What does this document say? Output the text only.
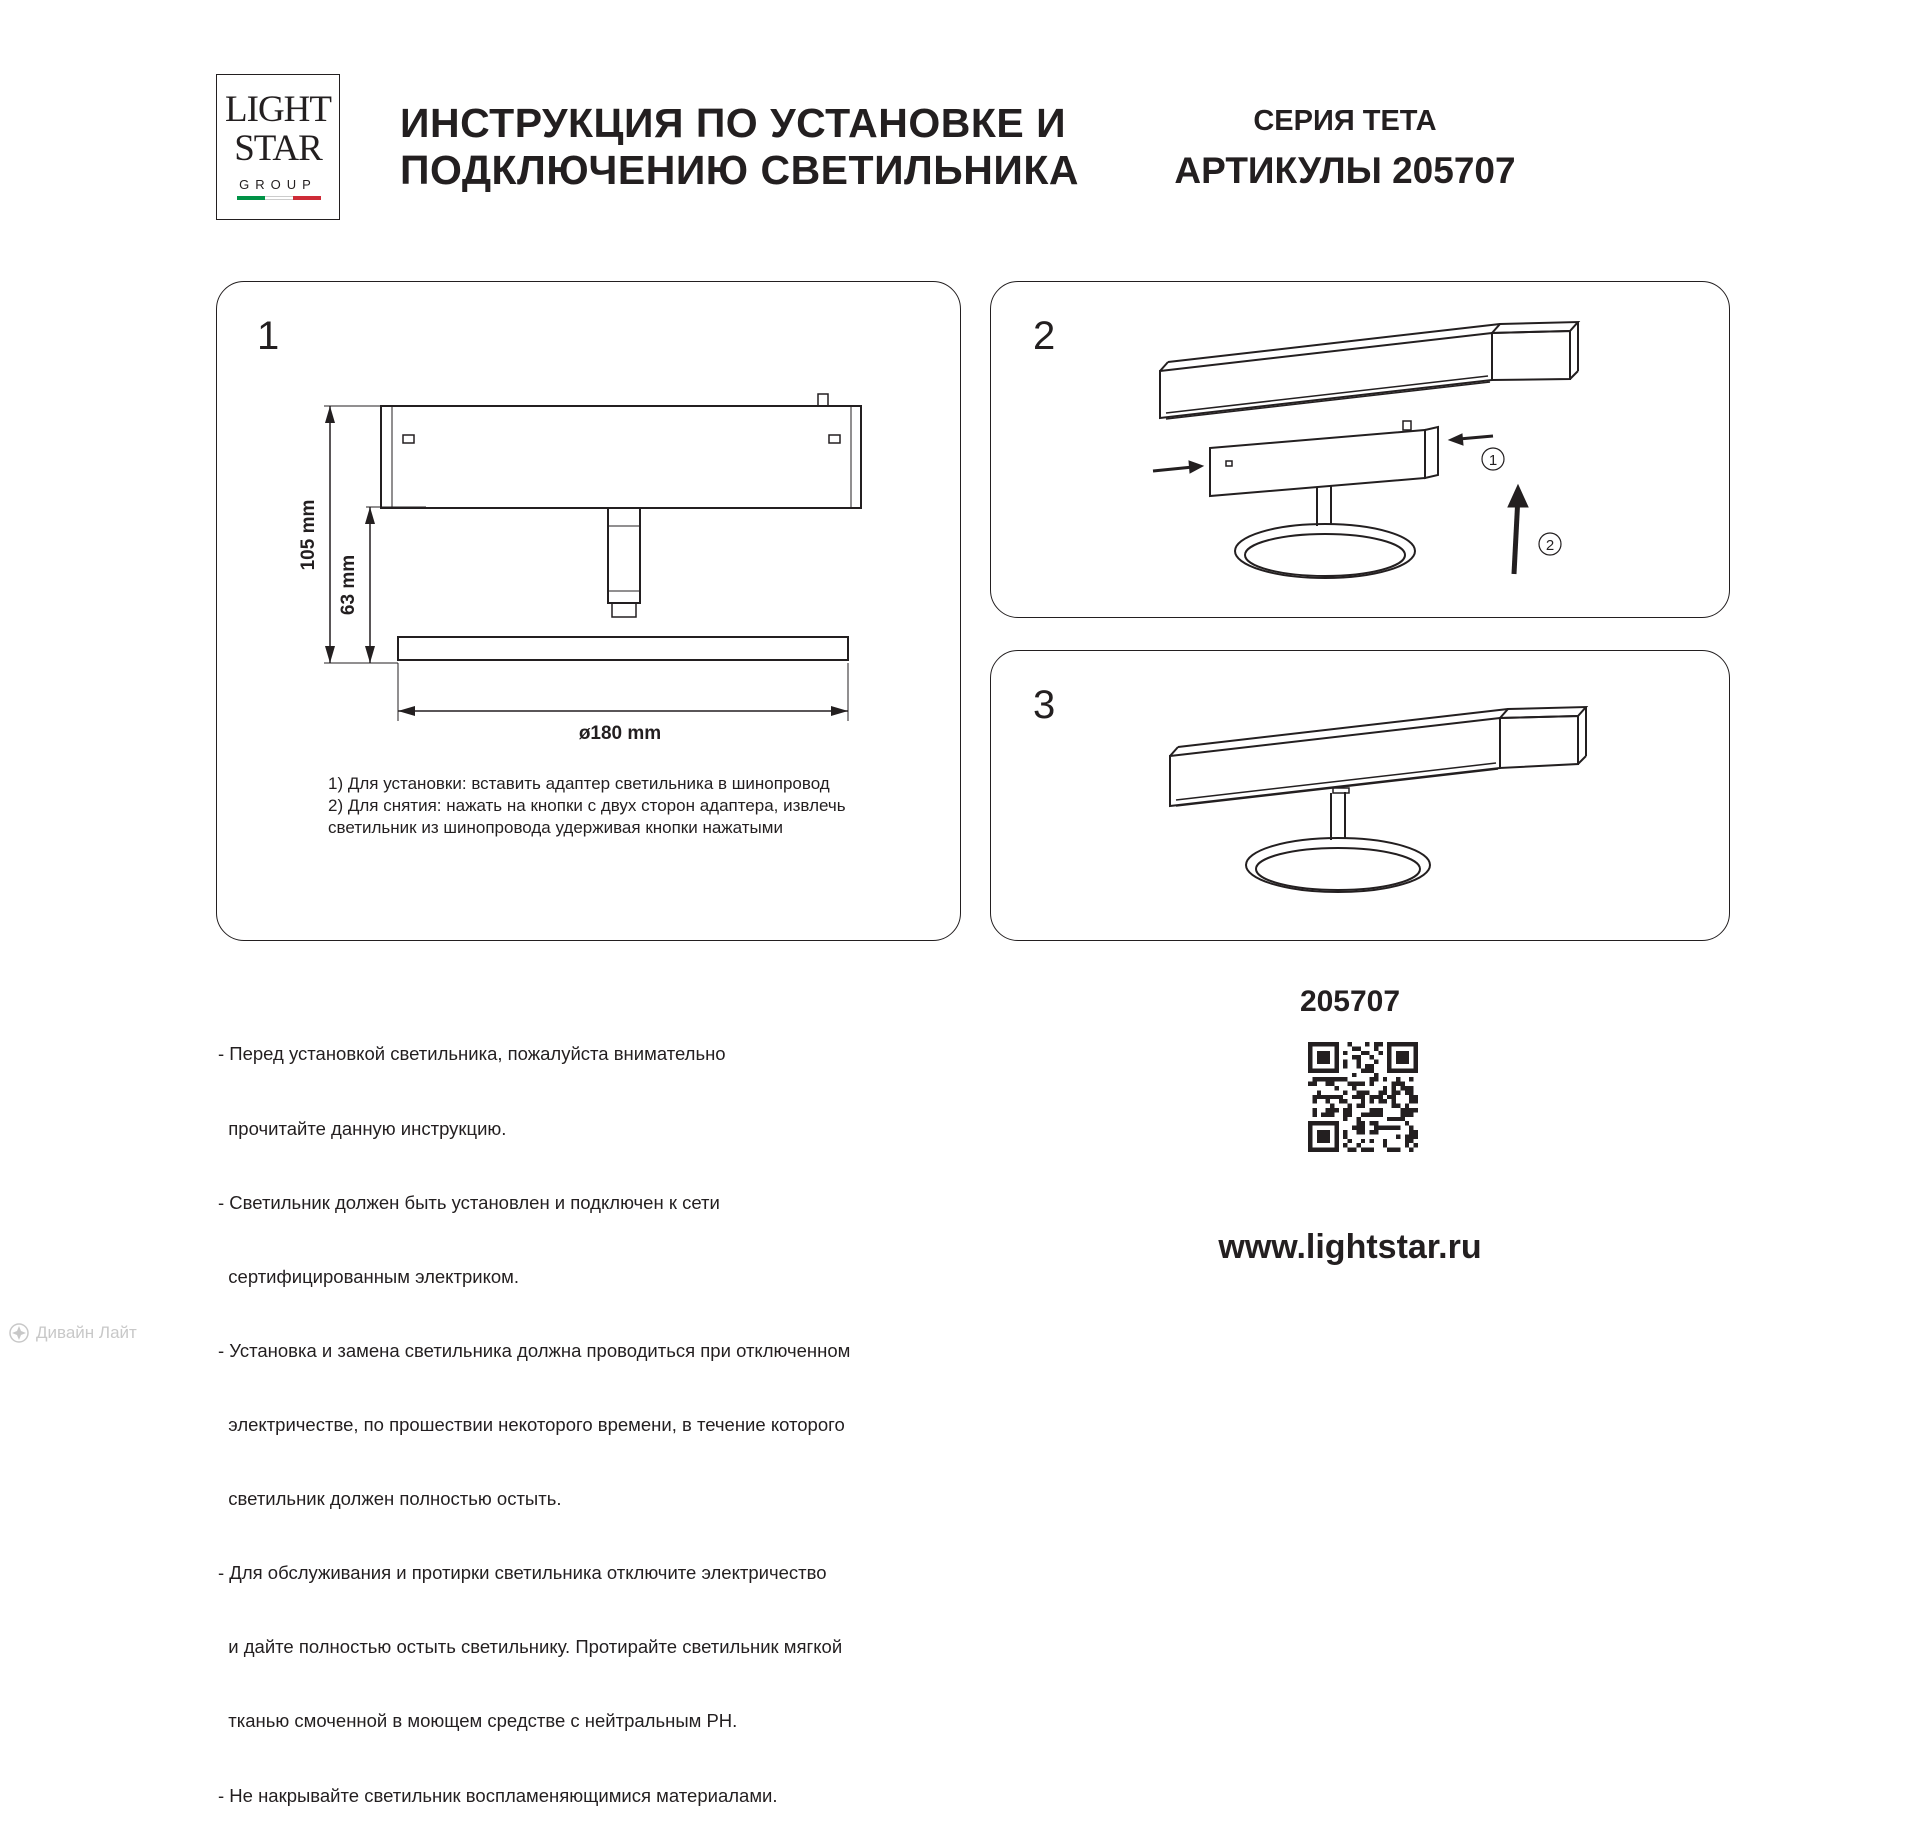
LIGHT
STAR
GROUP
ИНСТРУКЦИЯ ПО УСТАНОВКЕ И
ПОДКЛЮЧЕНИЮ СВЕТИЛЬНИКА
СЕРИЯ ТЕТА
АРТИКУЛЫ 205707
1
105 mm
63 mm
ø180 mm
1) Для установки: вставить адаптер светильника в шинопровод
2) Для снятия: нажать на кнопки с двух сторон адаптера, извлечь
светильник из шинопровода удерживая кнопки нажатыми
2
1
2
3

- Перед установкой светильника, пожалуйста внимательно

прочитайте данную инструкцию.

- Светильник должен быть установлен и подключен к сети

сертифицированным электриком.

- Установка и замена светильника должна проводиться при отключенном

электричестве, по прошествии некоторого времени, в течение которого

светильник должен полностью остыть.

- Для обслуживания и протирки светильника отключите электричество

и дайте полностью остыть светильнику. Протирайте светильник мягкой

тканью смоченной в моющем средстве с нейтральным PH.

- Не накрывайте светильник воспламеняющимися материалами.

205707
www.lightstar.ru
Дивайн Лайт
